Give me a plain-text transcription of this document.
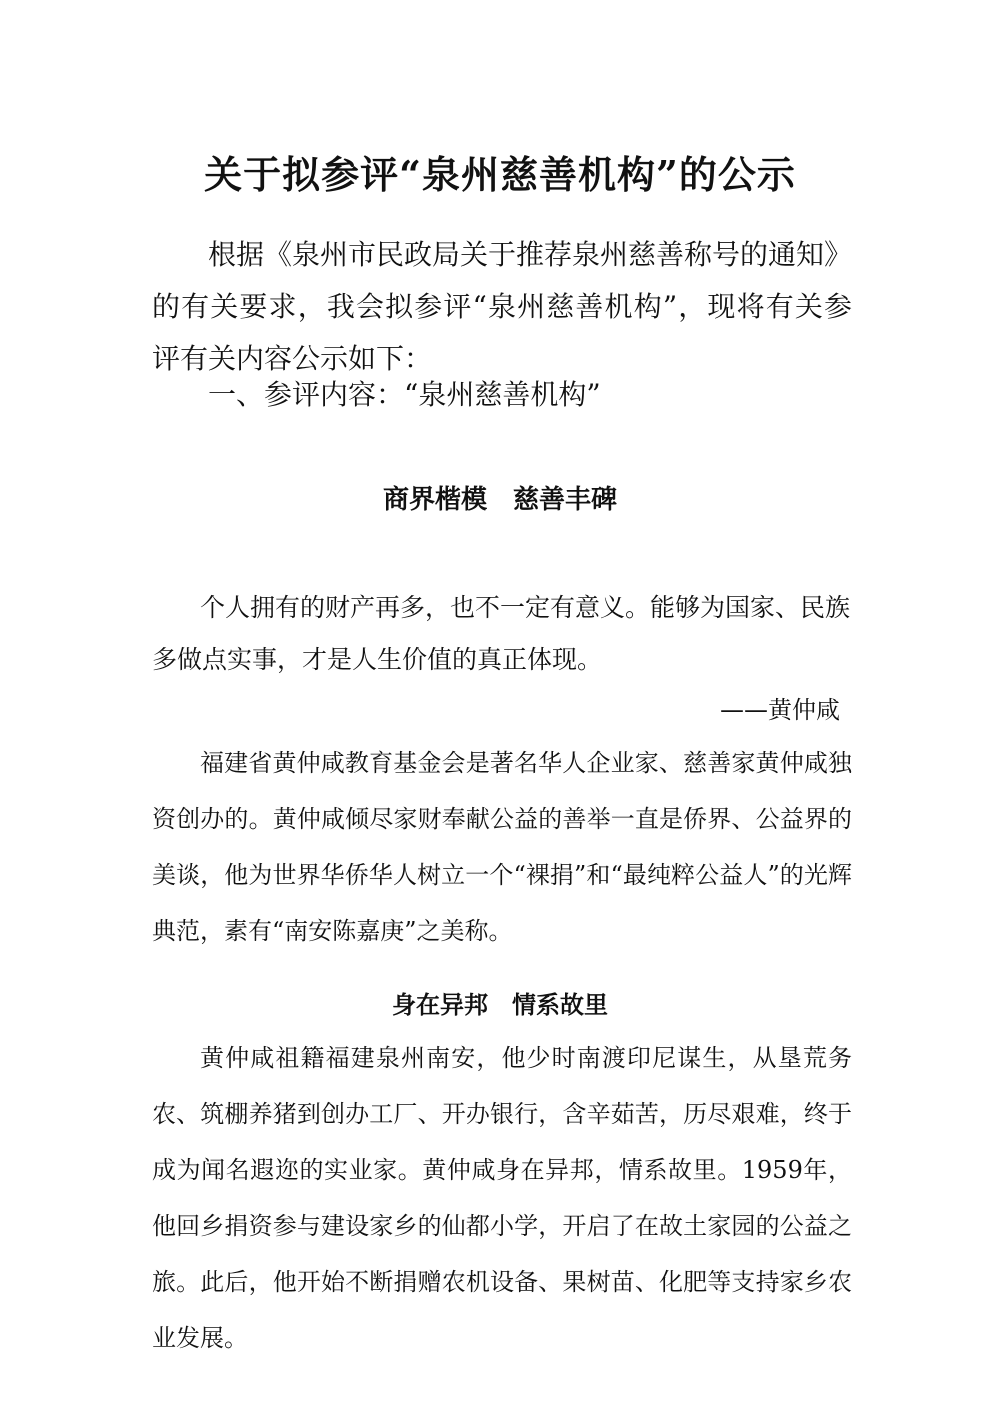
关于拟参评“泉州慈善机构”的公示

根据《泉州市民政局关于推荐泉州慈善称号的通知》的有关要求，我会拟参评“泉州慈善机构”，现将有关参评有关内容公示如下：

一、参评内容：“泉州慈善机构”

商界楷模　慈善丰碑

个人拥有的财产再多，也不一定有意义。能够为国家、民族多做点实事，才是人生价值的真正体现。

——黄仲咸

福建省黄仲咸教育基金会是著名华人企业家、慈善家黄仲咸独资创办的。黄仲咸倾尽家财奉献公益的善举一直是侨界、公益界的美谈，他为世界华侨华人树立一个“裸捐”和“最纯粹公益人”的光辉典范，素有“南安陈嘉庚”之美称。

身在异邦　情系故里

黄仲咸祖籍福建泉州南安，他少时南渡印尼谋生，从垦荒务农、筑棚养猪到创办工厂、开办银行，含辛茹苦，历尽艰难，终于成为闻名遐迩的实业家。黄仲咸身在异邦，情系故里。1959年，他回乡捐资参与建设家乡的仙都小学，开启了在故土家园的公益之旅。此后，他开始不断捐赠农机设备、果树苗、化肥等支持家乡农业发展。
